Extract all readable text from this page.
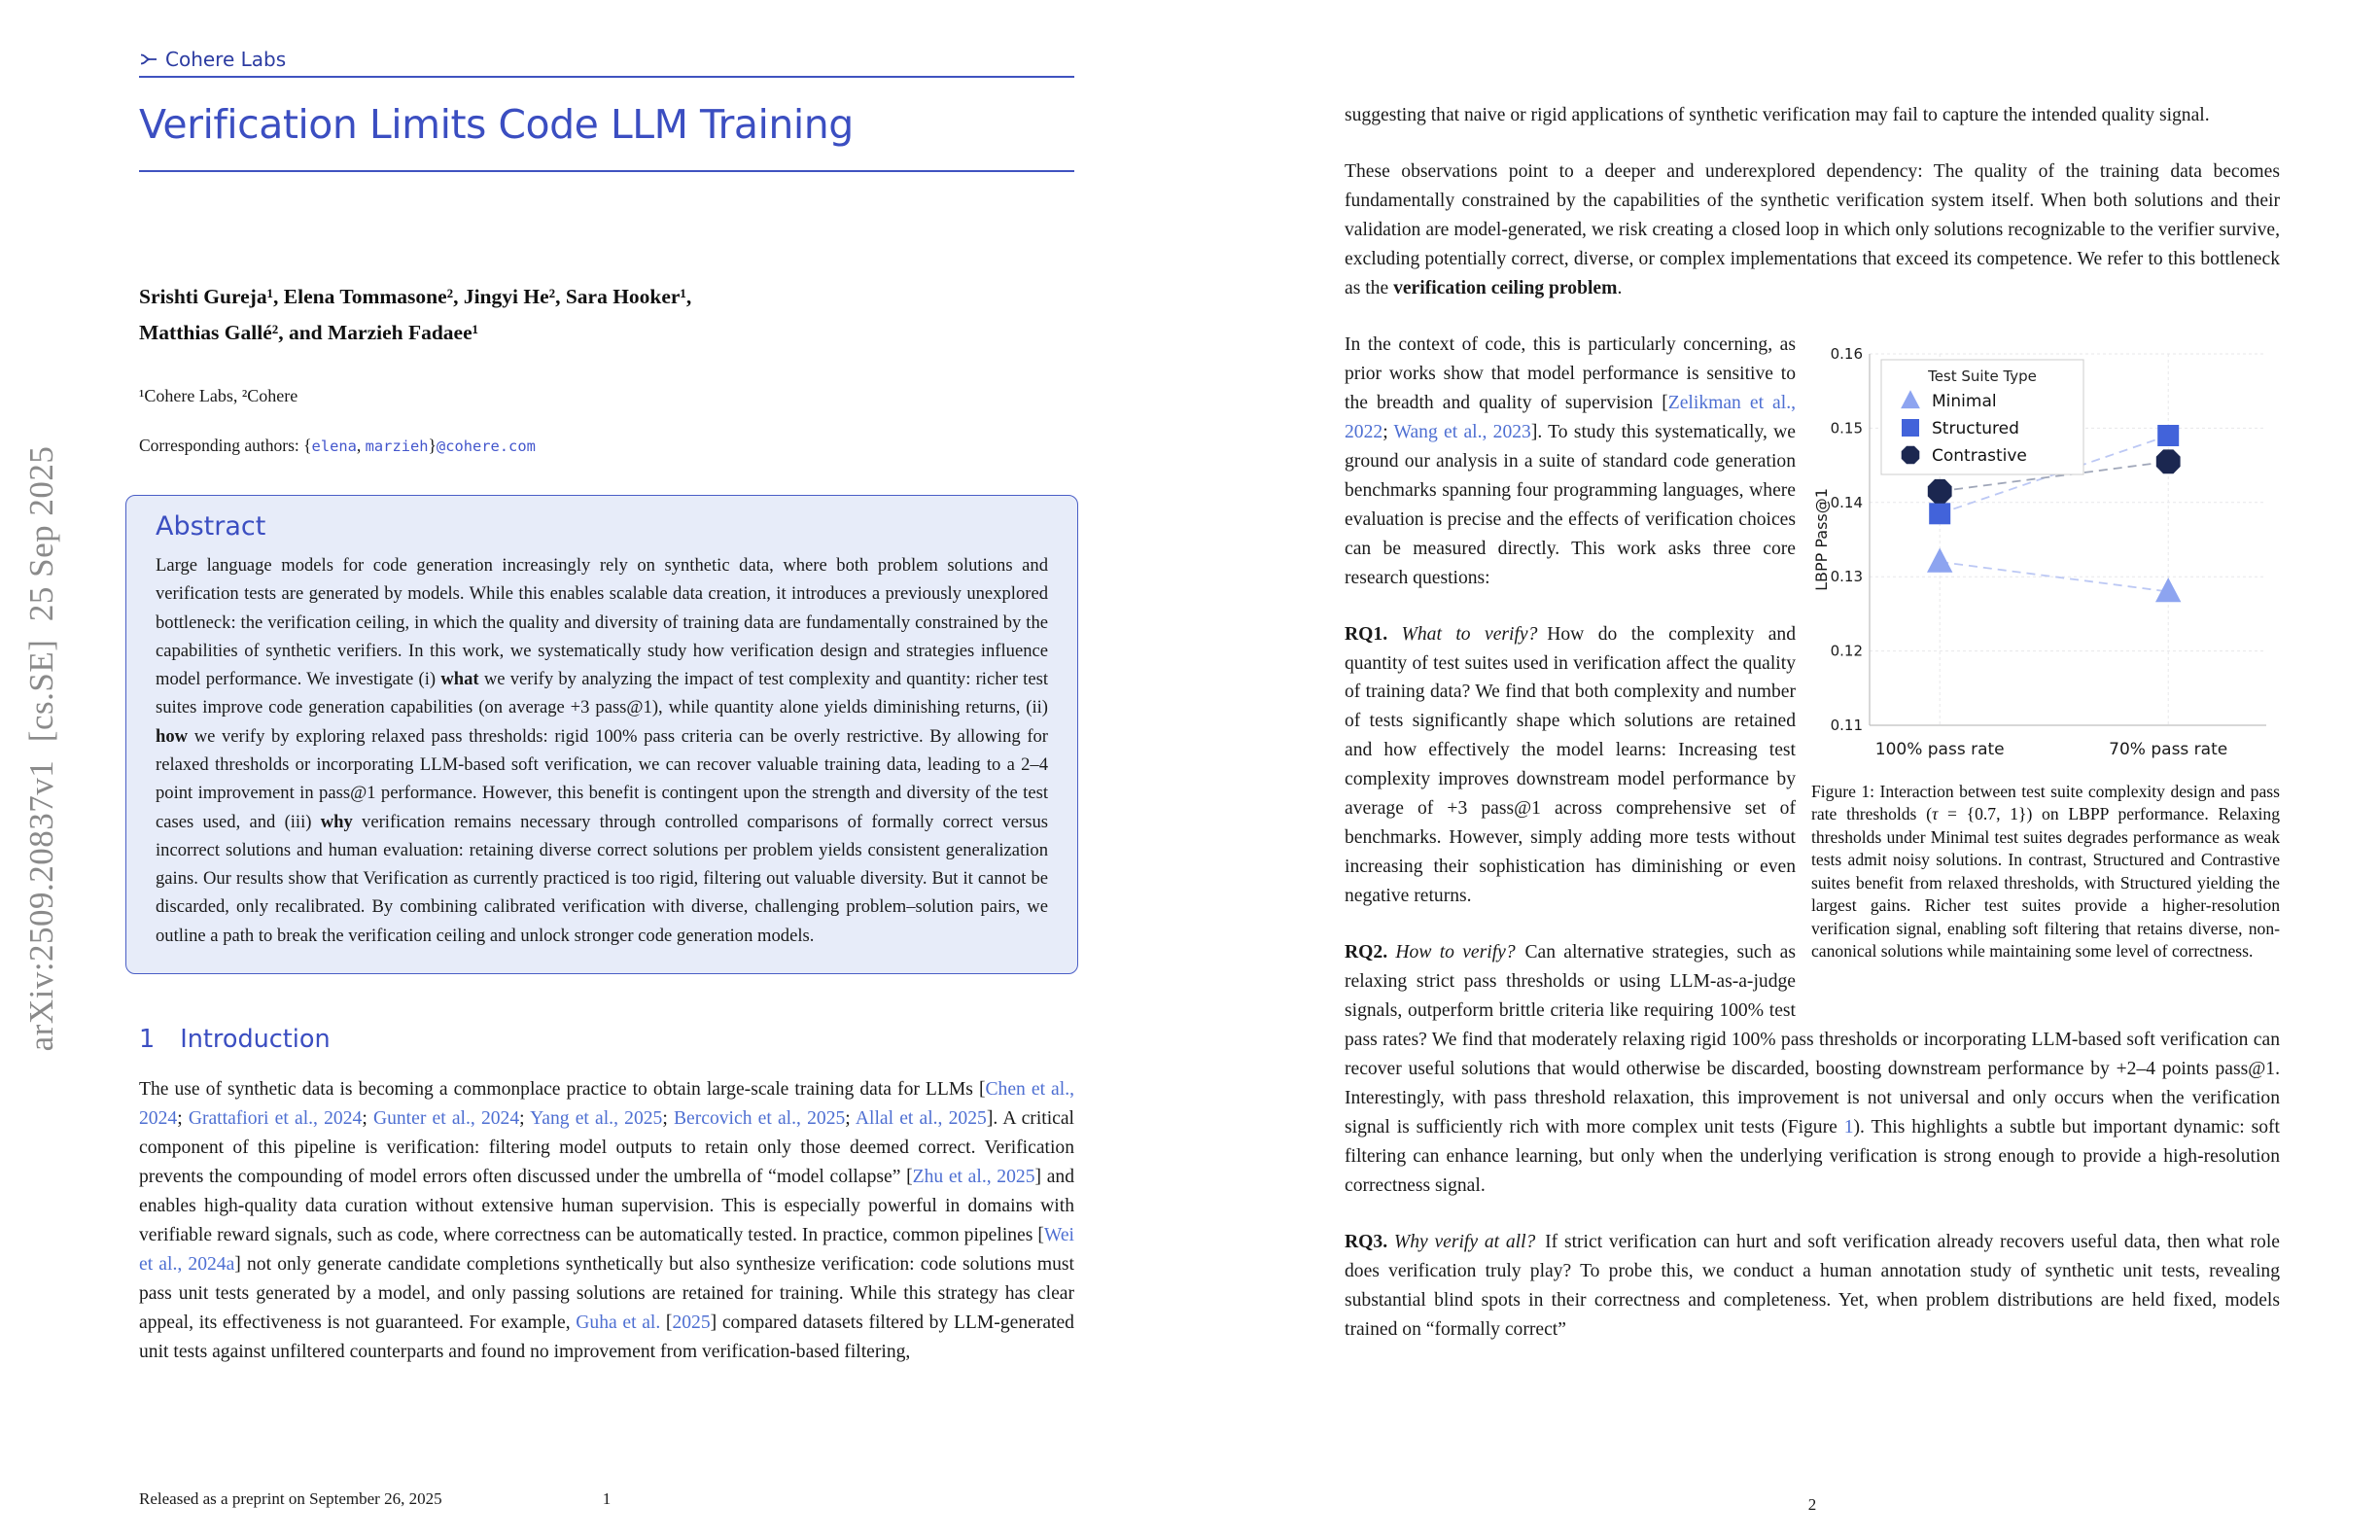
arXiv:2509.20837v1  [cs.SE]  25 Sep 2025
Cohere Labs
Verification Limits Code LLM Training
Srishti Gureja¹, Elena Tommasone², Jingyi He², Sara Hooker¹,
Matthias Gallé², and Marzieh Fadaee¹
¹Cohere Labs, ²Cohere
Corresponding authors: {elena, marzieh}@cohere.com
Abstract
Large language models for code generation increasingly rely on synthetic data, where both problem solutions and verification tests are generated by models. While this enables scalable data creation, it introduces a previously unexplored bottleneck: the verification ceiling, in which the quality and diversity of training data are fundamentally constrained by the capabilities of synthetic verifiers. In this work, we systematically study how verification design and strategies influence model performance. We investigate (i) what we verify by analyzing the impact of test complexity and quantity: richer test suites improve code generation capabilities (on average +3 pass@1), while quantity alone yields diminishing returns, (ii) how we verify by exploring relaxed pass thresholds: rigid 100% pass criteria can be overly restrictive. By allowing for relaxed thresholds or incorporating LLM-based soft verification, we can recover valuable training data, leading to a 2–4 point improvement in pass@1 performance. However, this benefit is contingent upon the strength and diversity of the test cases used, and (iii) why verification remains necessary through controlled comparisons of formally correct versus incorrect solutions and human evaluation: retaining diverse correct solutions per problem yields consistent generalization gains. Our results show that Verification as currently practiced is too rigid, filtering out valuable diversity. But it cannot be discarded, only recalibrated. By combining calibrated verification with diverse, challenging problem–solution pairs, we outline a path to break the verification ceiling and unlock stronger code generation models.
1 Introduction
The use of synthetic data is becoming a commonplace practice to obtain large-scale training data for LLMs [Chen et al., 2024; Grattafiori et al., 2024; Gunter et al., 2024; Yang et al., 2025; Bercovich et al., 2025; Allal et al., 2025]. A critical component of this pipeline is verification: filtering model outputs to retain only those deemed correct. Verification prevents the compounding of model errors often discussed under the umbrella of “model collapse” [Zhu et al., 2025] and enables high-quality data curation without extensive human supervision. This is especially powerful in domains with verifiable reward signals, such as code, where correctness can be automatically tested. In practice, common pipelines [Wei et al., 2024a] not only generate candidate completions synthetically but also synthesize verification: code solutions must pass unit tests generated by a model, and only passing solutions are retained for training. While this strategy has clear appeal, its effectiveness is not guaranteed. For example, Guha et al. [2025] compared datasets filtered by LLM-generated unit tests against unfiltered counterparts and found no improvement from verification-based filtering,
Released as a preprint on September 26, 2025	1
suggesting that naive or rigid applications of synthetic verification may fail to capture the intended quality signal.
These observations point to a deeper and underexplored dependency: The quality of the training data becomes fundamentally constrained by the capabilities of the synthetic verification system itself. When both solutions and their validation are model-generated, we risk creating a closed loop in which only solutions recognizable to the verifier survive, excluding potentially correct, diverse, or complex implementations that exceed its competence. We refer to this bottleneck as the verification ceiling problem.
0.11
0.12
0.13
0.14
0.15
0.16
100% pass rate	70% pass rate
LBPP Pass@1
Test Suite Type
Minimal
Structured
Contrastive
Figure 1: Interaction between test suite complexity design and pass rate thresholds (τ = {0.7, 1}) on LBPP performance. Relaxing thresholds under Minimal test suites degrades performance as weak tests admit noisy solutions. In contrast, Structured and Contrastive suites benefit from relaxed thresholds, with Structured yielding the largest gains. Richer test suites provide a higher-resolution verification signal, enabling soft filtering that retains diverse, non-canonical solutions while maintaining some level of correctness.
In the context of code, this is particularly concerning, as prior works show that model performance is sensitive to the breadth and quality of supervision [Zelikman et al., 2022; Wang et al., 2023]. To study this systematically, we ground our analysis in a suite of standard code generation benchmarks spanning four programming languages, where evaluation is precise and the effects of verification choices can be measured directly. This work asks three core research questions:
RQ1. What to verify? How do the complexity and quantity of test suites used in verification affect the quality of training data? We find that both complexity and number of tests significantly shape which solutions are retained and how effectively the model learns: Increasing test complexity improves downstream model performance by average of +3 pass@1 across comprehensive set of benchmarks. However, simply adding more tests without increasing their sophistication has diminishing or even negative returns.
RQ2. How to verify? Can alternative strategies, such as relaxing strict pass thresholds or using LLM-as-a-judge signals, outperform brittle criteria like requiring 100% test pass rates? We find that moderately relaxing rigid 100% pass thresholds or incorporating LLM-based soft verification can recover useful solutions that would otherwise be discarded, boosting downstream performance by +2–4 points pass@1. Interestingly, with pass threshold relaxation, this improvement is not universal and only occurs when the verification signal is sufficiently rich with more complex unit tests (Figure 1). This highlights a subtle but important dynamic: soft filtering can enhance learning, but only when the underlying verification is strong enough to provide a high-resolution correctness signal.
RQ3. Why verify at all? If strict verification can hurt and soft verification already recovers useful data, then what role does verification truly play? To probe this, we conduct a human annotation study of synthetic unit tests, revealing substantial blind spots in their correctness and completeness. Yet, when problem distributions are held fixed, models trained on “formally correct”
2
